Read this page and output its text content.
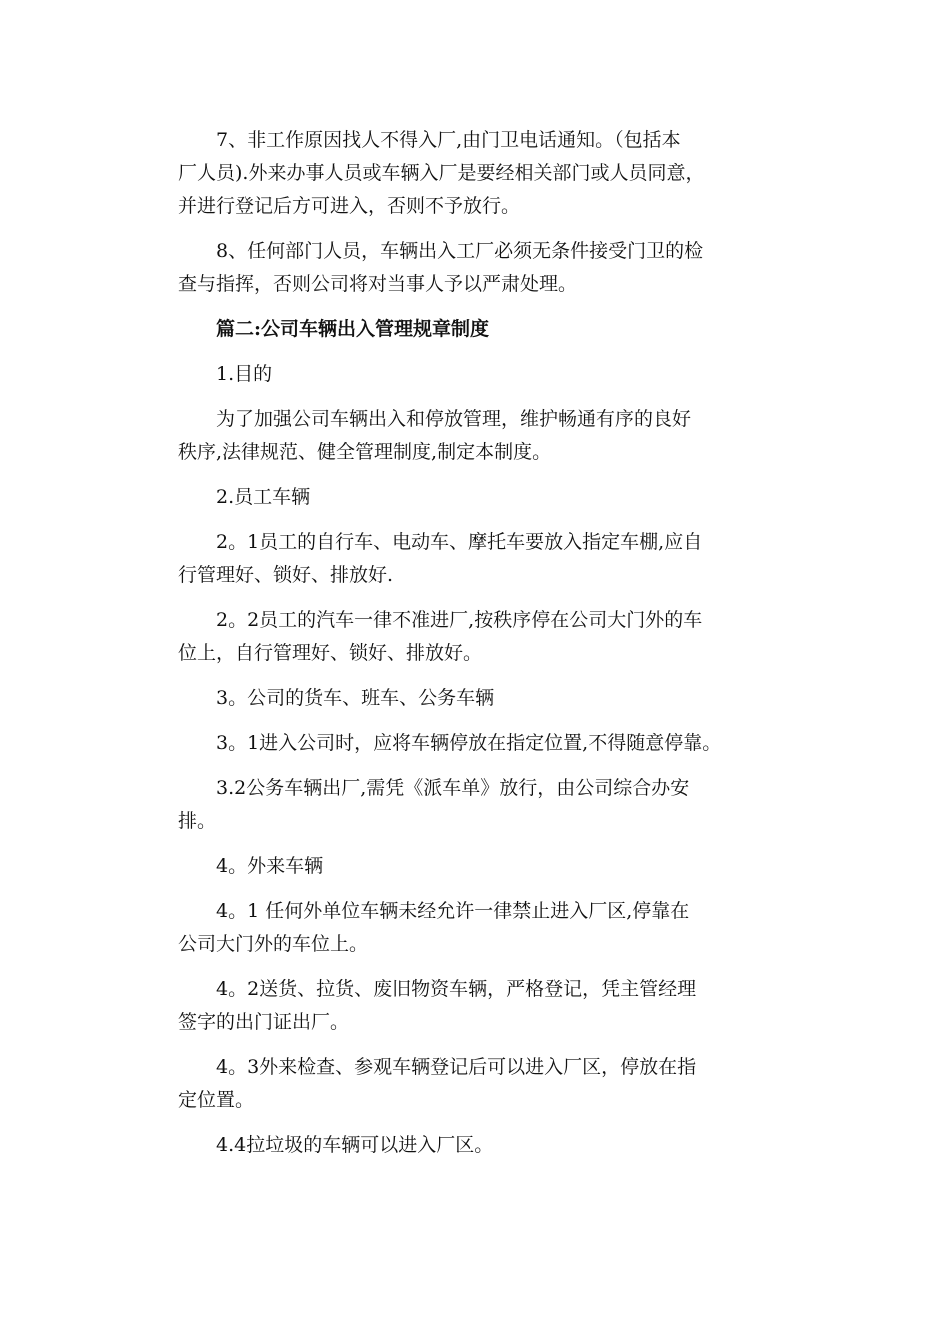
7、非工作原因找人不得入厂,由门卫电话通知。（包括本
厂人员).外来办事人员或车辆入厂是要经相关部门或人员同意，
并进行登记后方可进入，否则不予放行。
8、任何部门人员，车辆出入工厂必须无条件接受门卫的检
查与指挥，否则公司将对当事人予以严肃处理。
篇二:公司车辆出入管理规章制度
1.目的
为了加强公司车辆出入和停放管理，维护畅通有序的良好
秩序,法律规范、健全管理制度,制定本制度。
2.员工车辆
2。1员工的自行车、电动车、摩托车要放入指定车棚,应自
行管理好、锁好、排放好.
2。2员工的汽车一律不准进厂,按秩序停在公司大门外的车
位上，自行管理好、锁好、排放好。
3。公司的货车、班车、公务车辆
3。1进入公司时，应将车辆停放在指定位置,不得随意停靠。
3.2公务车辆出厂,需凭《派车单》放行，由公司综合办安
排。
4。外来车辆
4。1 任何外单位车辆未经允许一律禁止进入厂区,停靠在
公司大门外的车位上。
4。2送货、拉货、废旧物资车辆，严格登记，凭主管经理
签字的出门证出厂。
4。3外来检查、参观车辆登记后可以进入厂区，停放在指
定位置。
4.4拉垃圾的车辆可以进入厂区。
